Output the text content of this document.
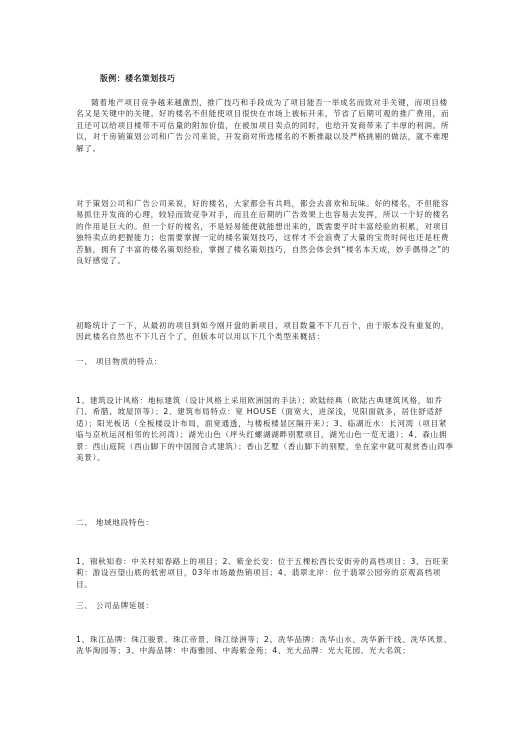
版例：楼名策划技巧

随着地产项目竞争越来越激烈，推广技巧和手段成为了项目能否一举成名而致对手关键，而项目楼名又是关键中的关键。好的楼名不但能使项目很快在市场上被标开来，节省了后期可观的推广费用，而且还可以给项目楼带不可估量的附加价值，在被加项目卖点的同时，也给开发商带来了丰厚的利润。所以，对于房销策划公司和广告公司来说，开发商对所选楼名的不断推敲以及严格挑剔的做法，就不难理解了。

对于策划公司和广告公司来说，好的楼名，大家都会有共鸣，都会去喜欢和玩味。好的楼名，不但能容易抓住开发商的心理，较轻而致竞争对手，而且在后期的广告效果上也容易去发挥，所以一个好的楼名的作用是巨大的。但一个好的楼名，不是轻易能便就能想出来的，既需要平时丰富经验的积累，对项目独特卖点的把握能力；也需要掌握一定的楼名策划技巧，这样才不会浪费了大量的宝贵时间也还是枉费苦脑，拥有了丰富的楼名策划经验，掌握了楼名策划技巧，自然会体会到“楼名本天成，妙手偶得之”的良好感觉了。

初略统计了一下，从最初的项目到如今刚开盘的新项目，项目数量不下几百个，由于版本没有重复的，因此楼名自然也不下几百个了，但版本可以用以下几个类型来概括：

一、 项目物质的特点：

1、建筑设计风格：地标建筑（设计风格上采用欧洲国的手法）；欧陆经典（欧陆古典建筑风格，如乔门、希腊、坡屋顶等）；2、建筑布局特点：宽 HOUSE（面宽大，进深浅，见阳面就多，居住舒适舒适）；阳光板话（全板楼设计布局，面宽通透，与楼板楼显区隔开来）；3、临湖近水：长河湾（项目紧临与京杭运河相邻的长河湾）；湖光山色（坪头红螺湖湖畔别墅项目，湖光山色一览无遗）；4、森山拥景：西山庭院（西山脚下的中国园合式建筑）；香山艺墅（香山脚下的别墅，坐在家中就可观赏香山四季美景）。

二、 地域地段特色：

1、锦秋知春：中关村知春路上的项目；2、紫金长安：位于五棵松西长安街旁的高档项目；3、百旺茉莉：游设百望山底的低密项目，03年市场最热销项目；4、翡翠北岸：位于翡翠公园旁的京观高档项目。

三、 公司品牌延展：

1、珠江品牌：珠江骏景、珠江帝景、珠江绿洲等；2、冼华品牌：冼华山水、冼华新干线、冼华风景、冼华淘园等；3、中海品牌：中海雅园、中海紫金苑；4、光大品牌：光大花园、光大名筑；
